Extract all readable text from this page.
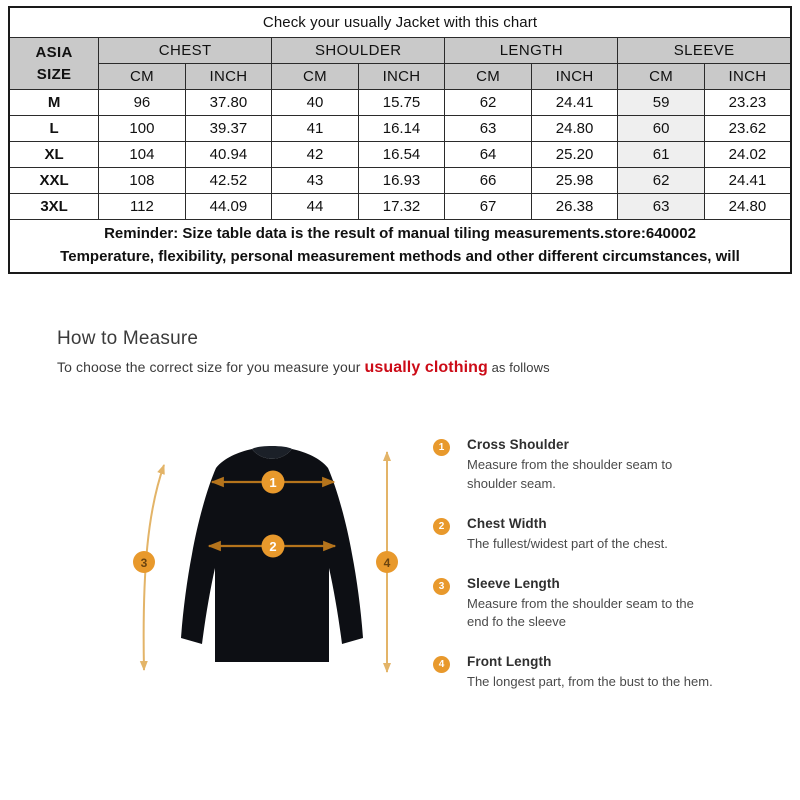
Check your usually Jacket with this chart								

ASIA
SIZE	CHEST		SHOULDER		LENGTH		SLEEVE	
	CM	INCH	CM	INCH	CM	INCH	CM	INCH
M	96	37.80	40	15.75	62	24.41	59	23.23
L	100	39.37	41	16.14	63	24.80	60	23.62
XL	104	40.94	42	16.54	64	25.20	61	24.02
XXL	108	42.52	43	16.93	66	25.98	62	24.41
3XL	112	44.09	44	17.32	67	26.38	63	24.80

Reminder: Size table data is the result of manual tiling measurements.store:640002
Temperature, flexibility, personal measurement methods and other different circumstances, will								
How to Measure
To choose the correct size for you measure your usually clothing as follows
1
2
3	4
1	Cross Shoulder
Measure from the shoulder seam to shoulder seam.
2	Chest Width
The fullest/widest part of the chest.
3	Sleeve Length
Measure from the shoulder seam to the end fo the sleeve
4	Front Length
The longest part, from the bust to the hem.
